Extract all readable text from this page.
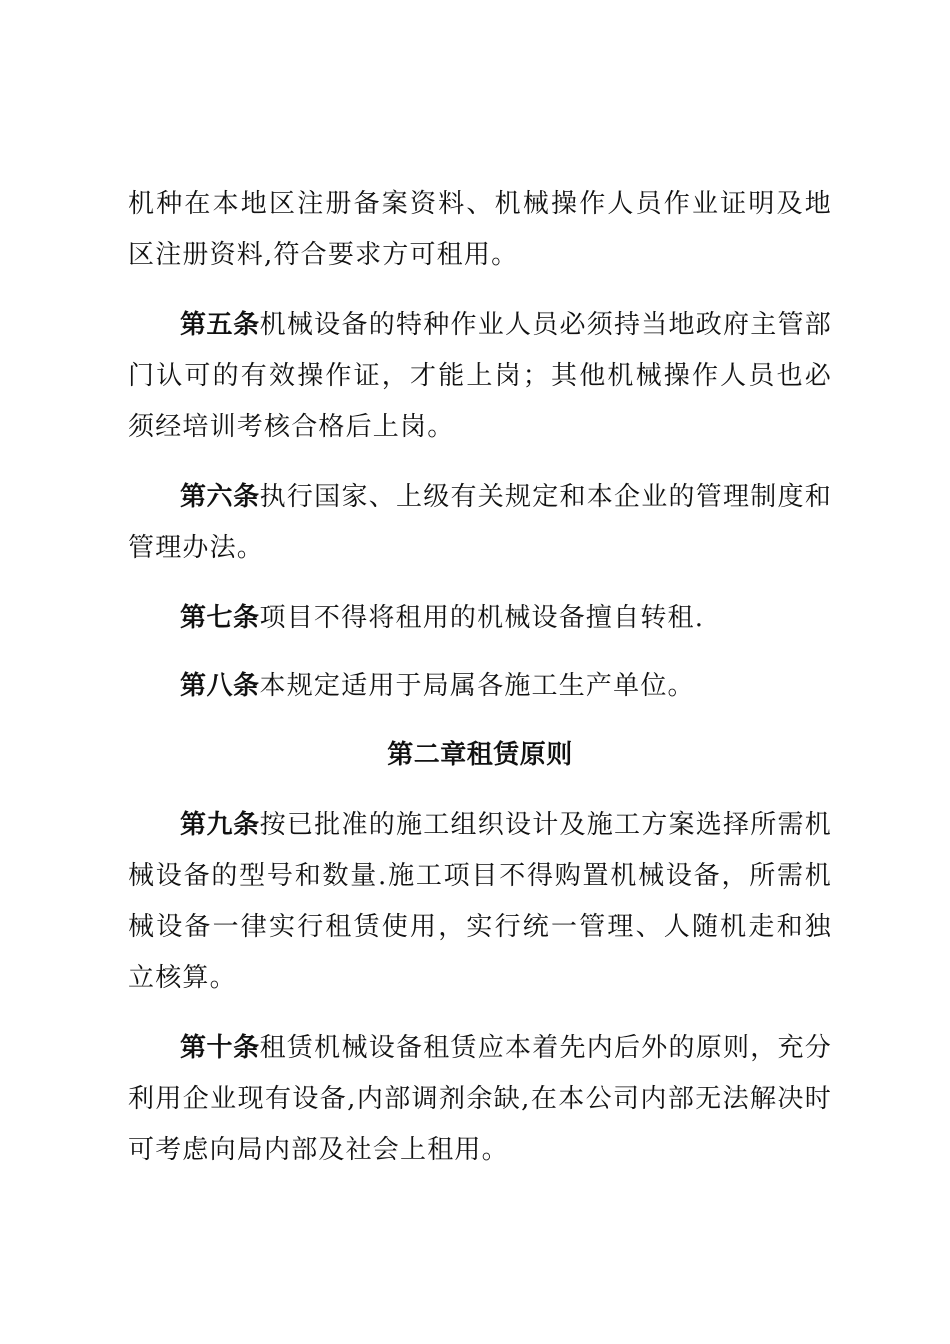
机种在本地区注册备案资料、机械操作人员作业证明及地区注册资料,符合要求方可租用。

第五条机械设备的特种作业人员必须持当地政府主管部门认可的有效操作证，才能上岗；其他机械操作人员也必须经培训考核合格后上岗。

第六条执行国家、上级有关规定和本企业的管理制度和管理办法。

第七条项目不得将租用的机械设备擅自转租.

第八条本规定适用于局属各施工生产单位。

第二章租赁原则

第九条按已批准的施工组织设计及施工方案选择所需机械设备的型号和数量.施工项目不得购置机械设备，所需机械设备一律实行租赁使用，实行统一管理、人随机走和独立核算。

第十条租赁机械设备租赁应本着先内后外的原则，充分利用企业现有设备,内部调剂余缺,在本公司内部无法解决时可考虑向局内部及社会上租用。
